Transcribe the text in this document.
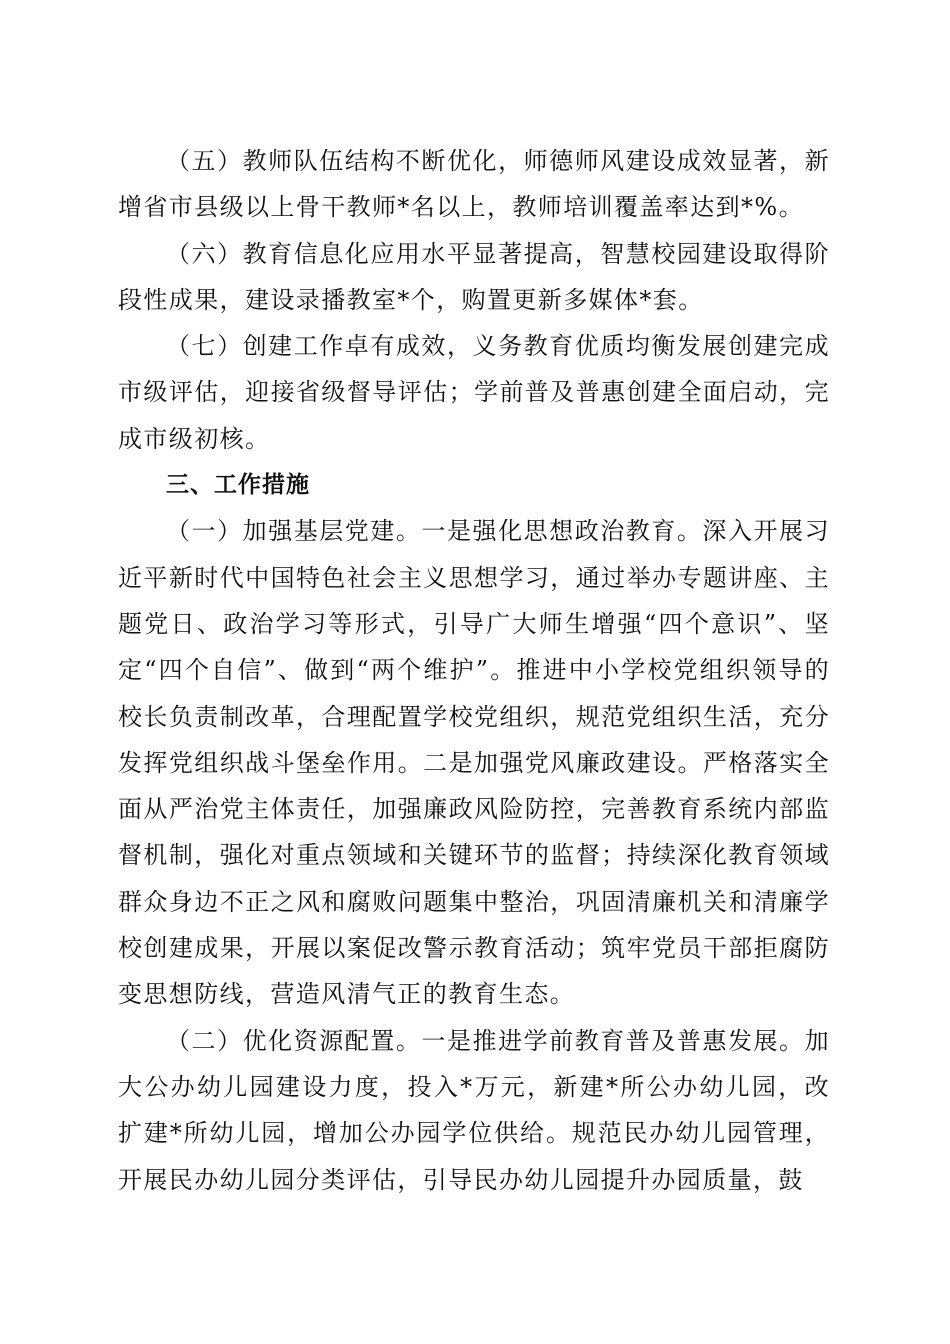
（五）教师队伍结构不断优化，师德师风建设成效显著，新增省市县级以上骨干教师*名以上，教师培训覆盖率达到*%。

（六）教育信息化应用水平显著提高，智慧校园建设取得阶段性成果，建设录播教室*个，购置更新多媒体*套。

（七）创建工作卓有成效，义务教育优质均衡发展创建完成市级评估，迎接省级督导评估；学前普及普惠创建全面启动，完成市级初核。

三、工作措施

（一）加强基层党建。一是强化思想政治教育。深入开展习近平新时代中国特色社会主义思想学习，通过举办专题讲座、主题党日、政治学习等形式，引导广大师生增强“四个意识”、坚定“四个自信”、做到“两个维护”。推进中小学校党组织领导的校长负责制改革，合理配置学校党组织，规范党组织生活，充分发挥党组织战斗堡垒作用。二是加强党风廉政建设。严格落实全面从严治党主体责任，加强廉政风险防控，完善教育系统内部监督机制，强化对重点领域和关键环节的监督；持续深化教育领域群众身边不正之风和腐败问题集中整治，巩固清廉机关和清廉学校创建成果，开展以案促改警示教育活动；筑牢党员干部拒腐防变思想防线，营造风清气正的教育生态。

（二）优化资源配置。一是推进学前教育普及普惠发展。加大公办幼儿园建设力度，投入*万元，新建*所公办幼儿园，改扩建*所幼儿园，增加公办园学位供给。规范民办幼儿园管理，开展民办幼儿园分类评估，引导民办幼儿园提升办园质量，鼓
